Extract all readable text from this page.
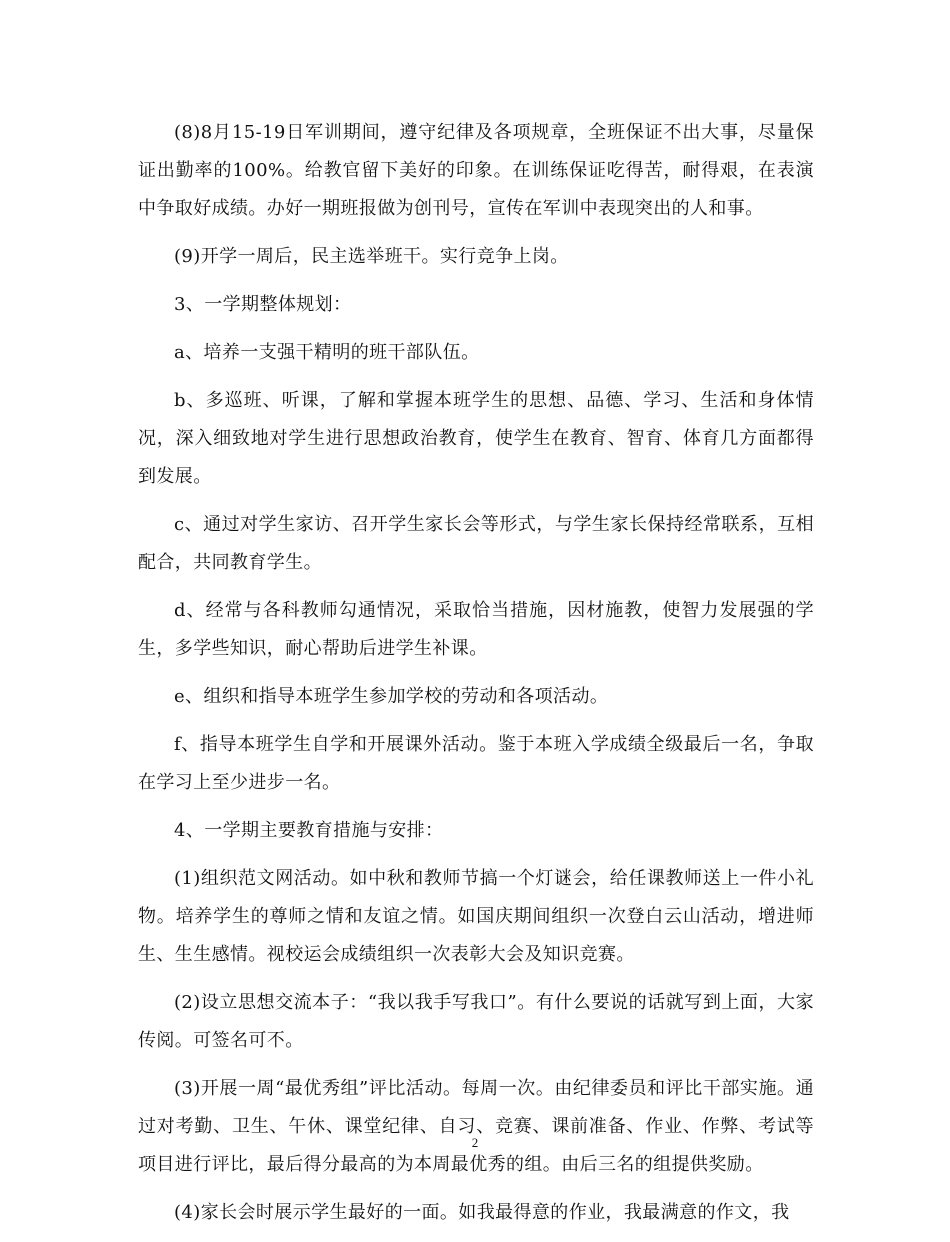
(8)8月15-19日军训期间，遵守纪律及各项规章，全班保证不出大事，尽量保证出勤率的100%。给教官留下美好的印象。在训练保证吃得苦，耐得艰，在表演中争取好成绩。办好一期班报做为创刊号，宣传在军训中表现突出的人和事。

(9)开学一周后，民主选举班干。实行竞争上岗。

3、一学期整体规划：

a、培养一支强干精明的班干部队伍。

b、多巡班、听课，了解和掌握本班学生的思想、品德、学习、生活和身体情况，深入细致地对学生进行思想政治教育，使学生在教育、智育、体育几方面都得到发展。

c、通过对学生家访、召开学生家长会等形式，与学生家长保持经常联系，互相配合，共同教育学生。

d、经常与各科教师勾通情况，采取恰当措施，因材施教，使智力发展强的学生，多学些知识，耐心帮助后进学生补课。

e、组织和指导本班学生参加学校的劳动和各项活动。

f、指导本班学生自学和开展课外活动。鉴于本班入学成绩全级最后一名，争取在学习上至少进步一名。

4、一学期主要教育措施与安排：

(1)组织范文网活动。如中秋和教师节搞一个灯谜会，给任课教师送上一件小礼物。培养学生的尊师之情和友谊之情。如国庆期间组织一次登白云山活动，增进师生、生生感情。视校运会成绩组织一次表彰大会及知识竞赛。

(2)设立思想交流本子：“我以我手写我口”。有什么要说的话就写到上面，大家传阅。可签名可不。

(3)开展一周“最优秀组”评比活动。每周一次。由纪律委员和评比干部实施。通过对考勤、卫生、午休、课堂纪律、自习、竞赛、课前准备、作业、作弊、考试等项目进行评比，最后得分最高的为本周最优秀的组。由后三名的组提供奖励。

(4)家长会时展示学生最好的一面。如我最得意的作业，我最满意的作文，我

2
